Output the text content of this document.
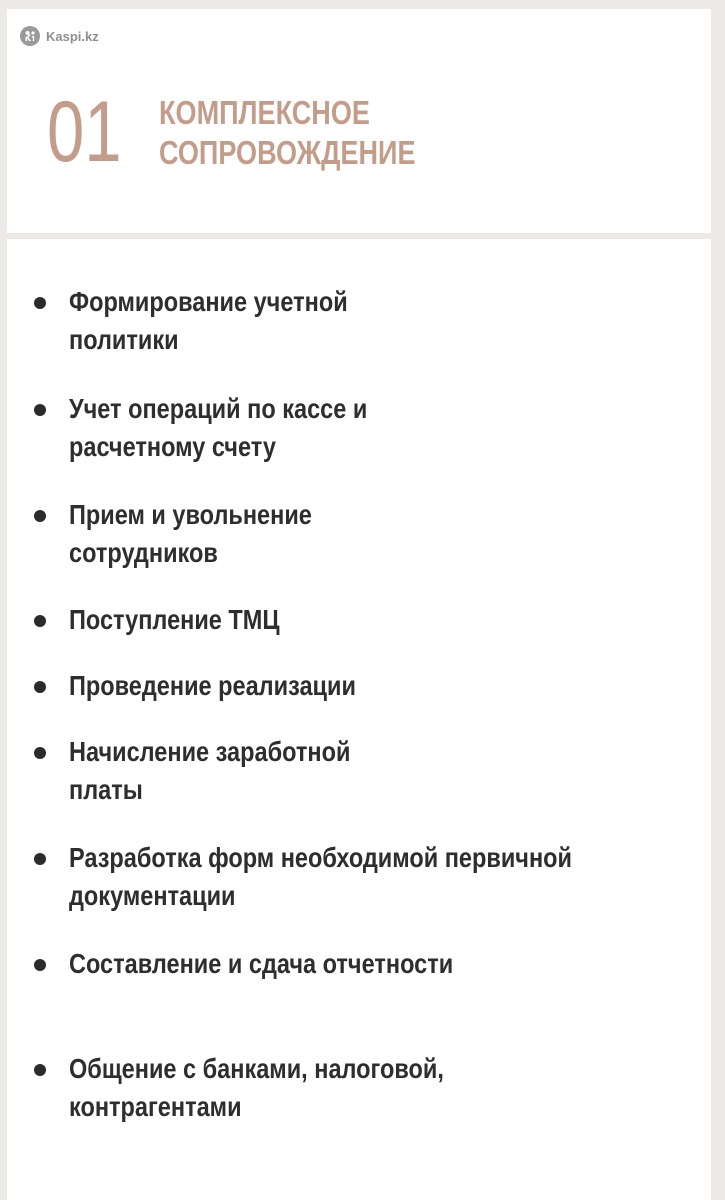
Kaspi.kz
01 КОМПЛЕКСНОЕ
СОПРОВОЖДЕНИЕ
Формирование учетной
политики
Учет операций по кассе и
расчетному счету
Прием и увольнение
сотрудников
Поступление ТМЦ
Проведение реализации
Начисление заработной
платы
Разработка форм необходимой первичной
документации
Составление и сдача отчетности
Общение с банками, налоговой,
контрагентами
